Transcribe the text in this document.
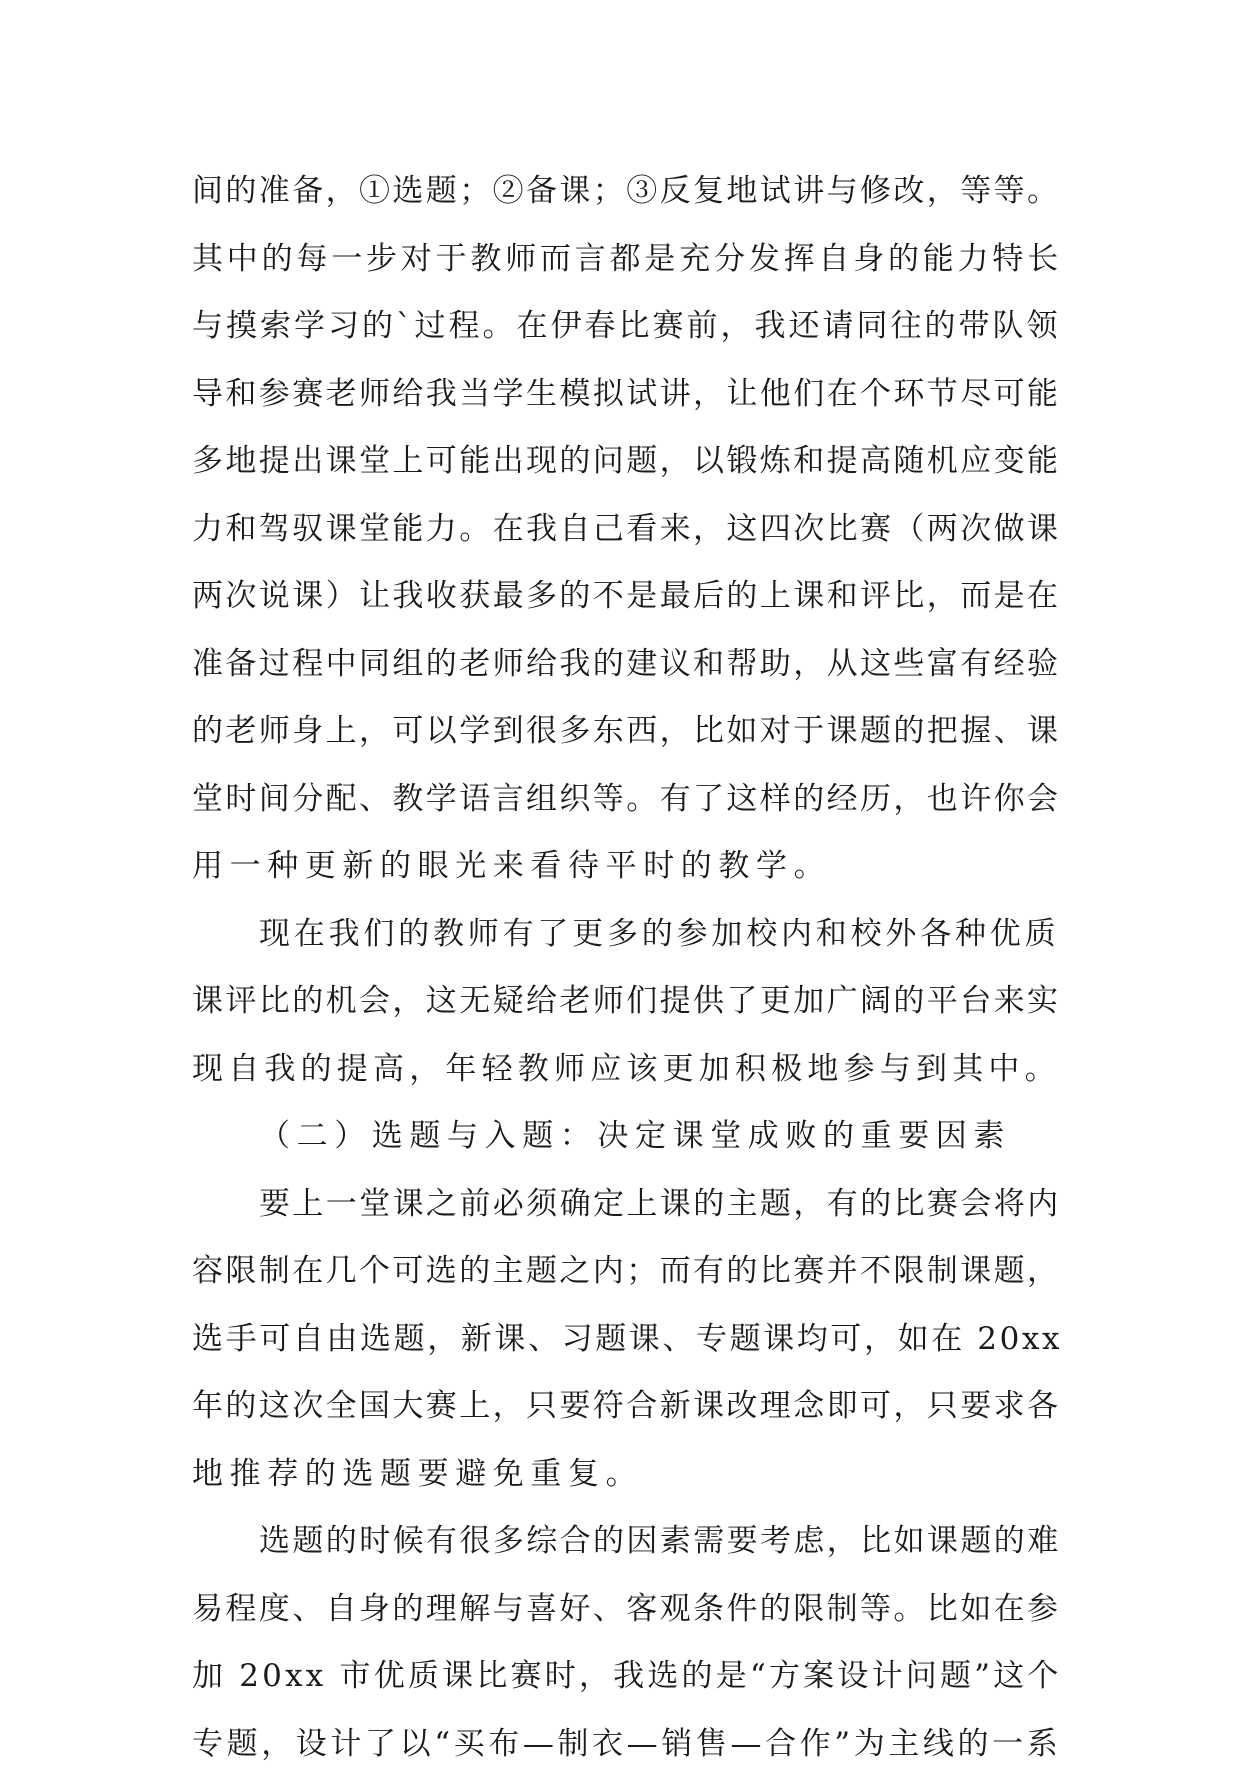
间的准备，①选题；②备课；③反复地试讲与修改，等等。
其中的每一步对于教师而言都是充分发挥自身的能力特长
与摸索学习的`过程。在伊春比赛前，我还请同往的带队领
导和参赛老师给我当学生模拟试讲，让他们在个环节尽可能
多地提出课堂上可能出现的问题，以锻炼和提高随机应变能
力和驾驭课堂能力。在我自己看来，这四次比赛（两次做课
两次说课）让我收获最多的不是最后的上课和评比，而是在
准备过程中同组的老师给我的建议和帮助，从这些富有经验
的老师身上，可以学到很多东西，比如对于课题的把握、课
堂时间分配、教学语言组织等。有了这样的经历，也许你会
用一种更新的眼光来看待平时的教学。
现在我们的教师有了更多的参加校内和校外各种优质
课评比的机会，这无疑给老师们提供了更加广阔的平台来实
现自我的提高，年轻教师应该更加积极地参与到其中。
（二）选题与入题：决定课堂成败的重要因素
要上一堂课之前必须确定上课的主题，有的比赛会将内
容限制在几个可选的主题之内；而有的比赛并不限制课题，
选手可自由选题，新课、习题课、专题课均可，如在 20xx
年的这次全国大赛上，只要符合新课改理念即可，只要求各
地推荐的选题要避免重复。
选题的时候有很多综合的因素需要考虑，比如课题的难
易程度、自身的理解与喜好、客观条件的限制等。比如在参
加 20xx 市优质课比赛时，我选的是“方案设计问题”这个
专题，设计了以“买布—制衣—销售—合作”为主线的一系
